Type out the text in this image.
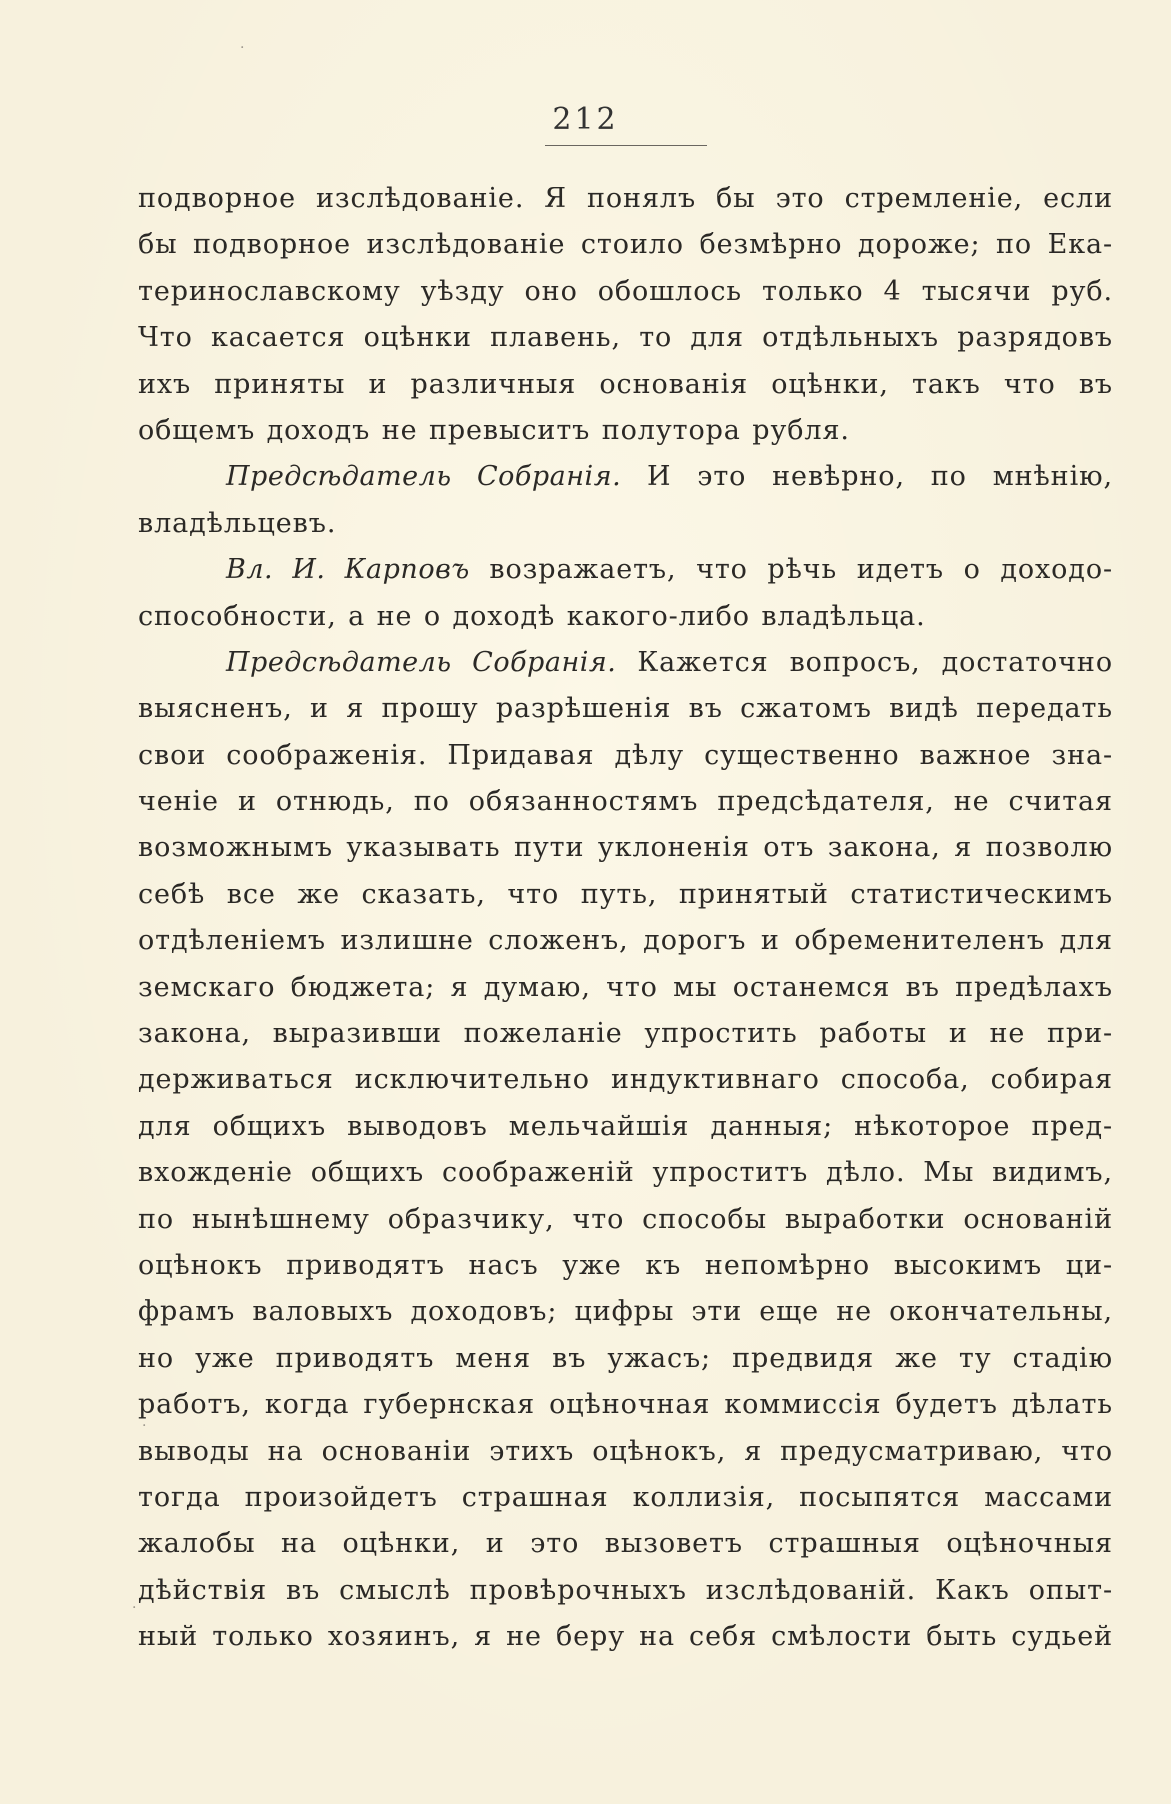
212
·
·
·
подворное изслѣдованіе. Я понялъ бы это стремленіе, если
бы подворное изслѣдованіе стоило безмѣрно дороже; по Ека-
теринославскому уѣзду оно обошлось только 4 тысячи руб.
Что касается оцѣнки плавень, то для отдѣльныхъ разрядовъ
ихъ приняты и различныя основанія оцѣнки, такъ что въ
общемъ доходъ не превыситъ полутора рубля.
Предсѣдатель Собранія. И это невѣрно, по мнѣнію,
владѣльцевъ.
Вл. И. Карповъ возражаетъ, что рѣчь идетъ о доходо-
способности, а не о доходѣ какого-либо владѣльца.
Предсѣдатель Собранія. Кажется вопросъ, достаточно
выясненъ, и я прошу разрѣшенія въ сжатомъ видѣ передать
свои соображенія. Придавая дѣлу существенно важное зна-
ченіе и отнюдь, по обязанностямъ предсѣдателя, не считая
возможнымъ указывать пути уклоненія отъ закона, я позволю
себѣ все же сказать, что путь, принятый статистическимъ
отдѣленіемъ излишне сложенъ, дорогъ и обременителенъ для
земскаго бюджета; я думаю, что мы останемся въ предѣлахъ
закона, выразивши пожеланіе упростить работы и не при-
держиваться исключительно индуктивнаго способа, собирая
для общихъ выводовъ мельчайшія данныя; нѣкоторое пред-
вхожденіе общихъ соображеній упроститъ дѣло. Мы видимъ,
по нынѣшнему образчику, что способы выработки основаній
оцѣнокъ приводятъ насъ уже къ непомѣрно высокимъ ци-
фрамъ валовыхъ доходовъ; цифры эти еще не окончательны,
но уже приводятъ меня въ ужасъ; предвидя же ту стадію
работъ, когда губернская оцѣночная коммиссія будетъ дѣлать
выводы на основаніи этихъ оцѣнокъ, я предусматриваю, что
тогда произойдетъ страшная коллизія, посыпятся массами
жалобы на оцѣнки, и это вызоветъ страшныя оцѣночныя
дѣйствія въ смыслѣ провѣрочныхъ изслѣдованій. Какъ опыт-
ный только хозяинъ, я не беру на себя смѣлости быть судьей
